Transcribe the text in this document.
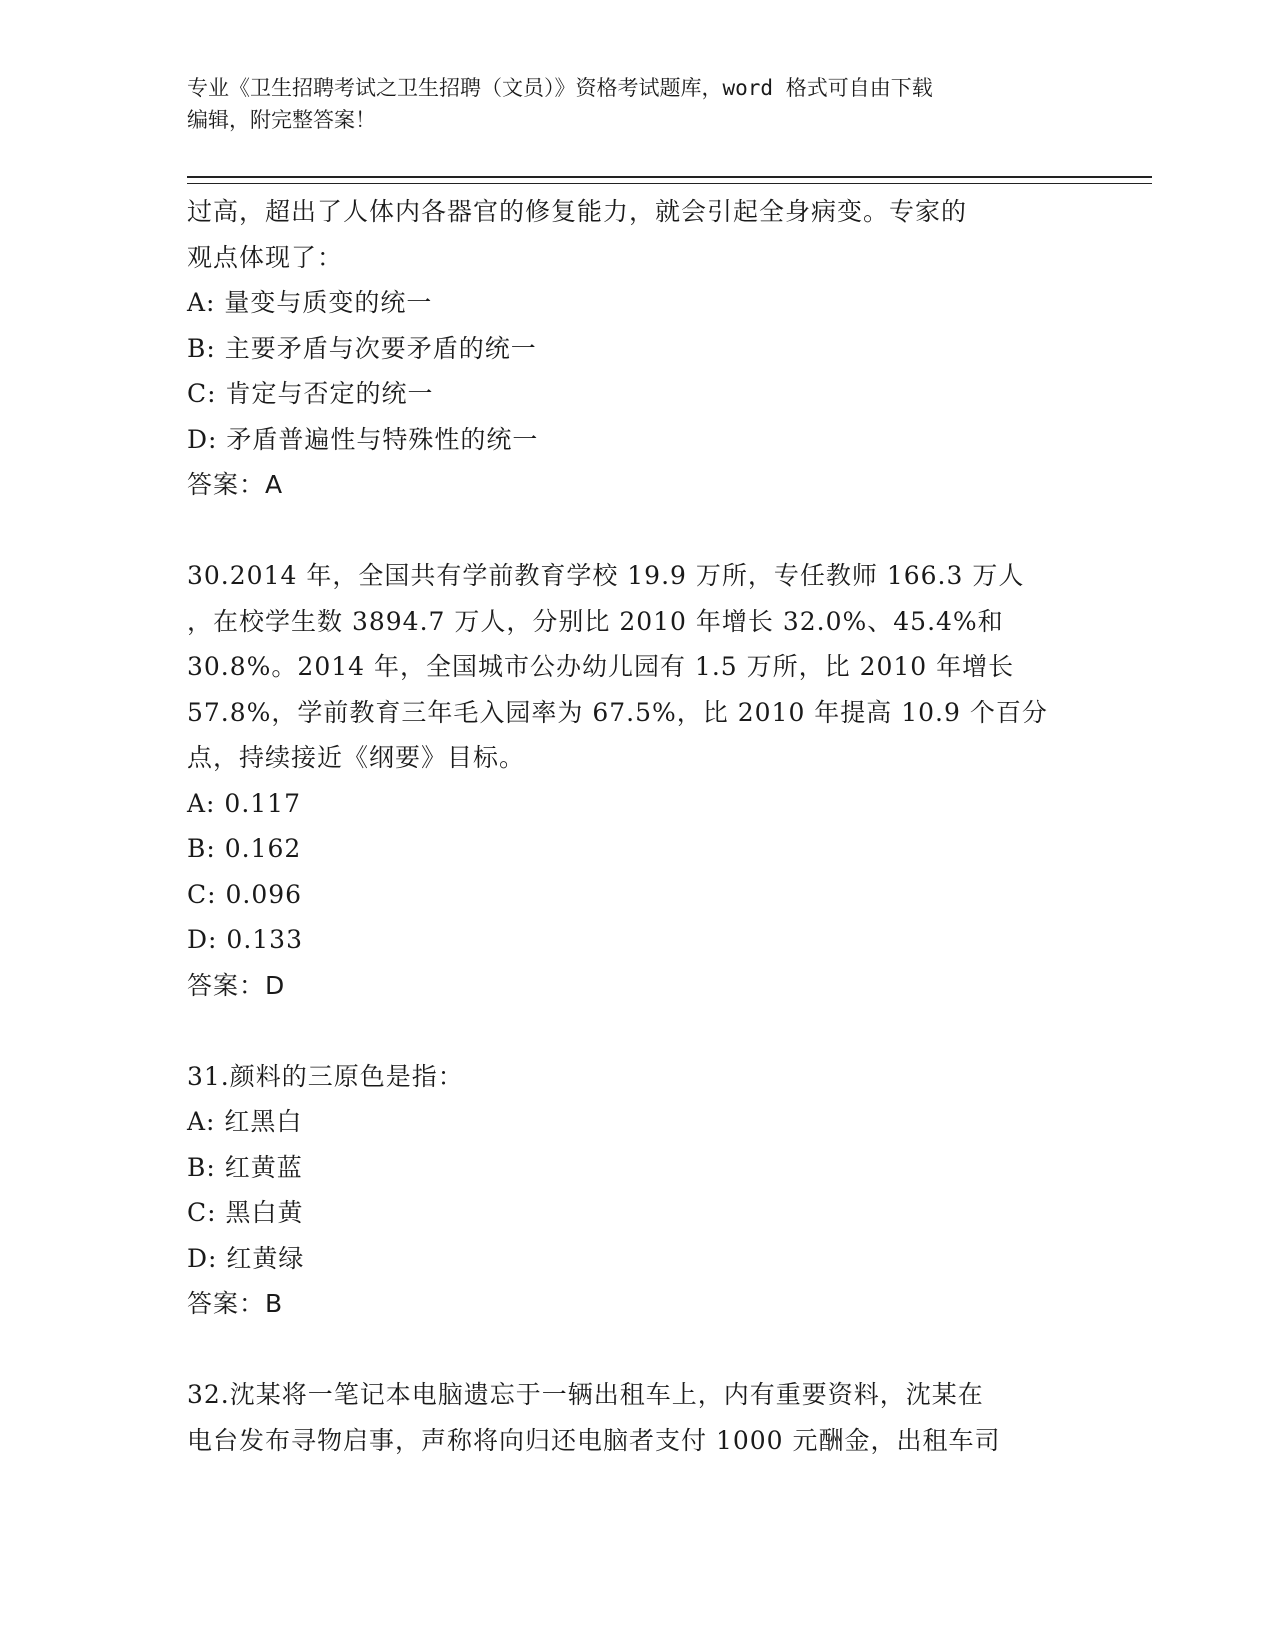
专业《卫生招聘考试之卫生招聘（文员）》资格考试题库，word 格式可自由下载
编辑，附完整答案！

过高，超出了人体内各器官的修复能力，就会引起全身病变。专家的

观点体现了：

A: 量变与质变的统一

B: 主要矛盾与次要矛盾的统一

C: 肯定与否定的统一

D: 矛盾普遍性与特殊性的统一

答案：A

30.2014 年，全国共有学前教育学校 19.9 万所，专任教师 166.3 万人

，在校学生数 3894.7 万人，分别比 2010 年增长 32.0%、45.4%和

30.8%。2014 年，全国城市公办幼儿园有 1.5 万所，比 2010 年增长

57.8%，学前教育三年毛入园率为 67.5%，比 2010 年提高 10.9 个百分

点，持续接近《纲要》目标。

A: 0.117

B: 0.162

C: 0.096

D: 0.133

答案：D

31.颜料的三原色是指：

A: 红黑白

B: 红黄蓝

C: 黑白黄

D: 红黄绿

答案：B

32.沈某将一笔记本电脑遗忘于一辆出租车上，内有重要资料，沈某在

电台发布寻物启事，声称将向归还电脑者支付 1000 元酬金，出租车司
